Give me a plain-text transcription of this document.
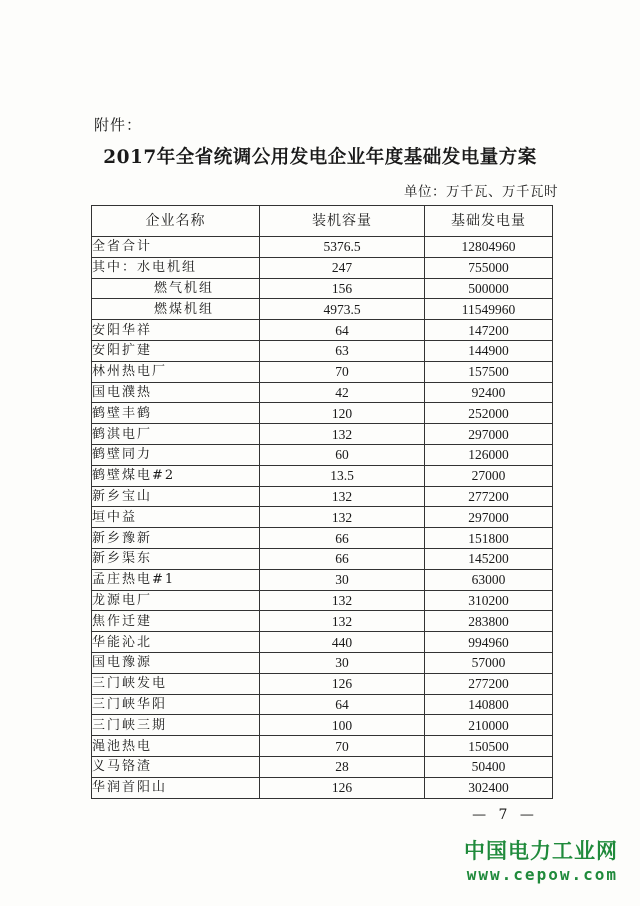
附件：
2017年全省统调公用发电企业年度基础发电量方案
单位：万千瓦、万千瓦时
企业名称	装机容量	基础发电量
全省合计	5376.5	12804960
其中：水电机组	247	755000
燃气机组	156	500000
燃煤机组	4973.5	11549960
安阳华祥	64	147200
安阳扩建	63	144900
林州热电厂	70	157500
国电濮热	42	92400
鹤壁丰鹤	120	252000
鹤淇电厂	132	297000
鹤壁同力	60	126000
鹤壁煤电#2	13.5	27000
新乡宝山	132	277200
垣中益	132	297000
新乡豫新	66	151800
新乡渠东	66	145200
孟庄热电#1	30	63000
龙源电厂	132	310200
焦作迁建	132	283800
华能沁北	440	994960
国电豫源	30	57000
三门峡发电	126	277200
三门峡华阳	64	140800
三门峡三期	100	210000
渑池热电	70	150500
义马铬渣	28	50400
华润首阳山	126	302400
— 7 —
中国电力工业网
www.cepow.com
